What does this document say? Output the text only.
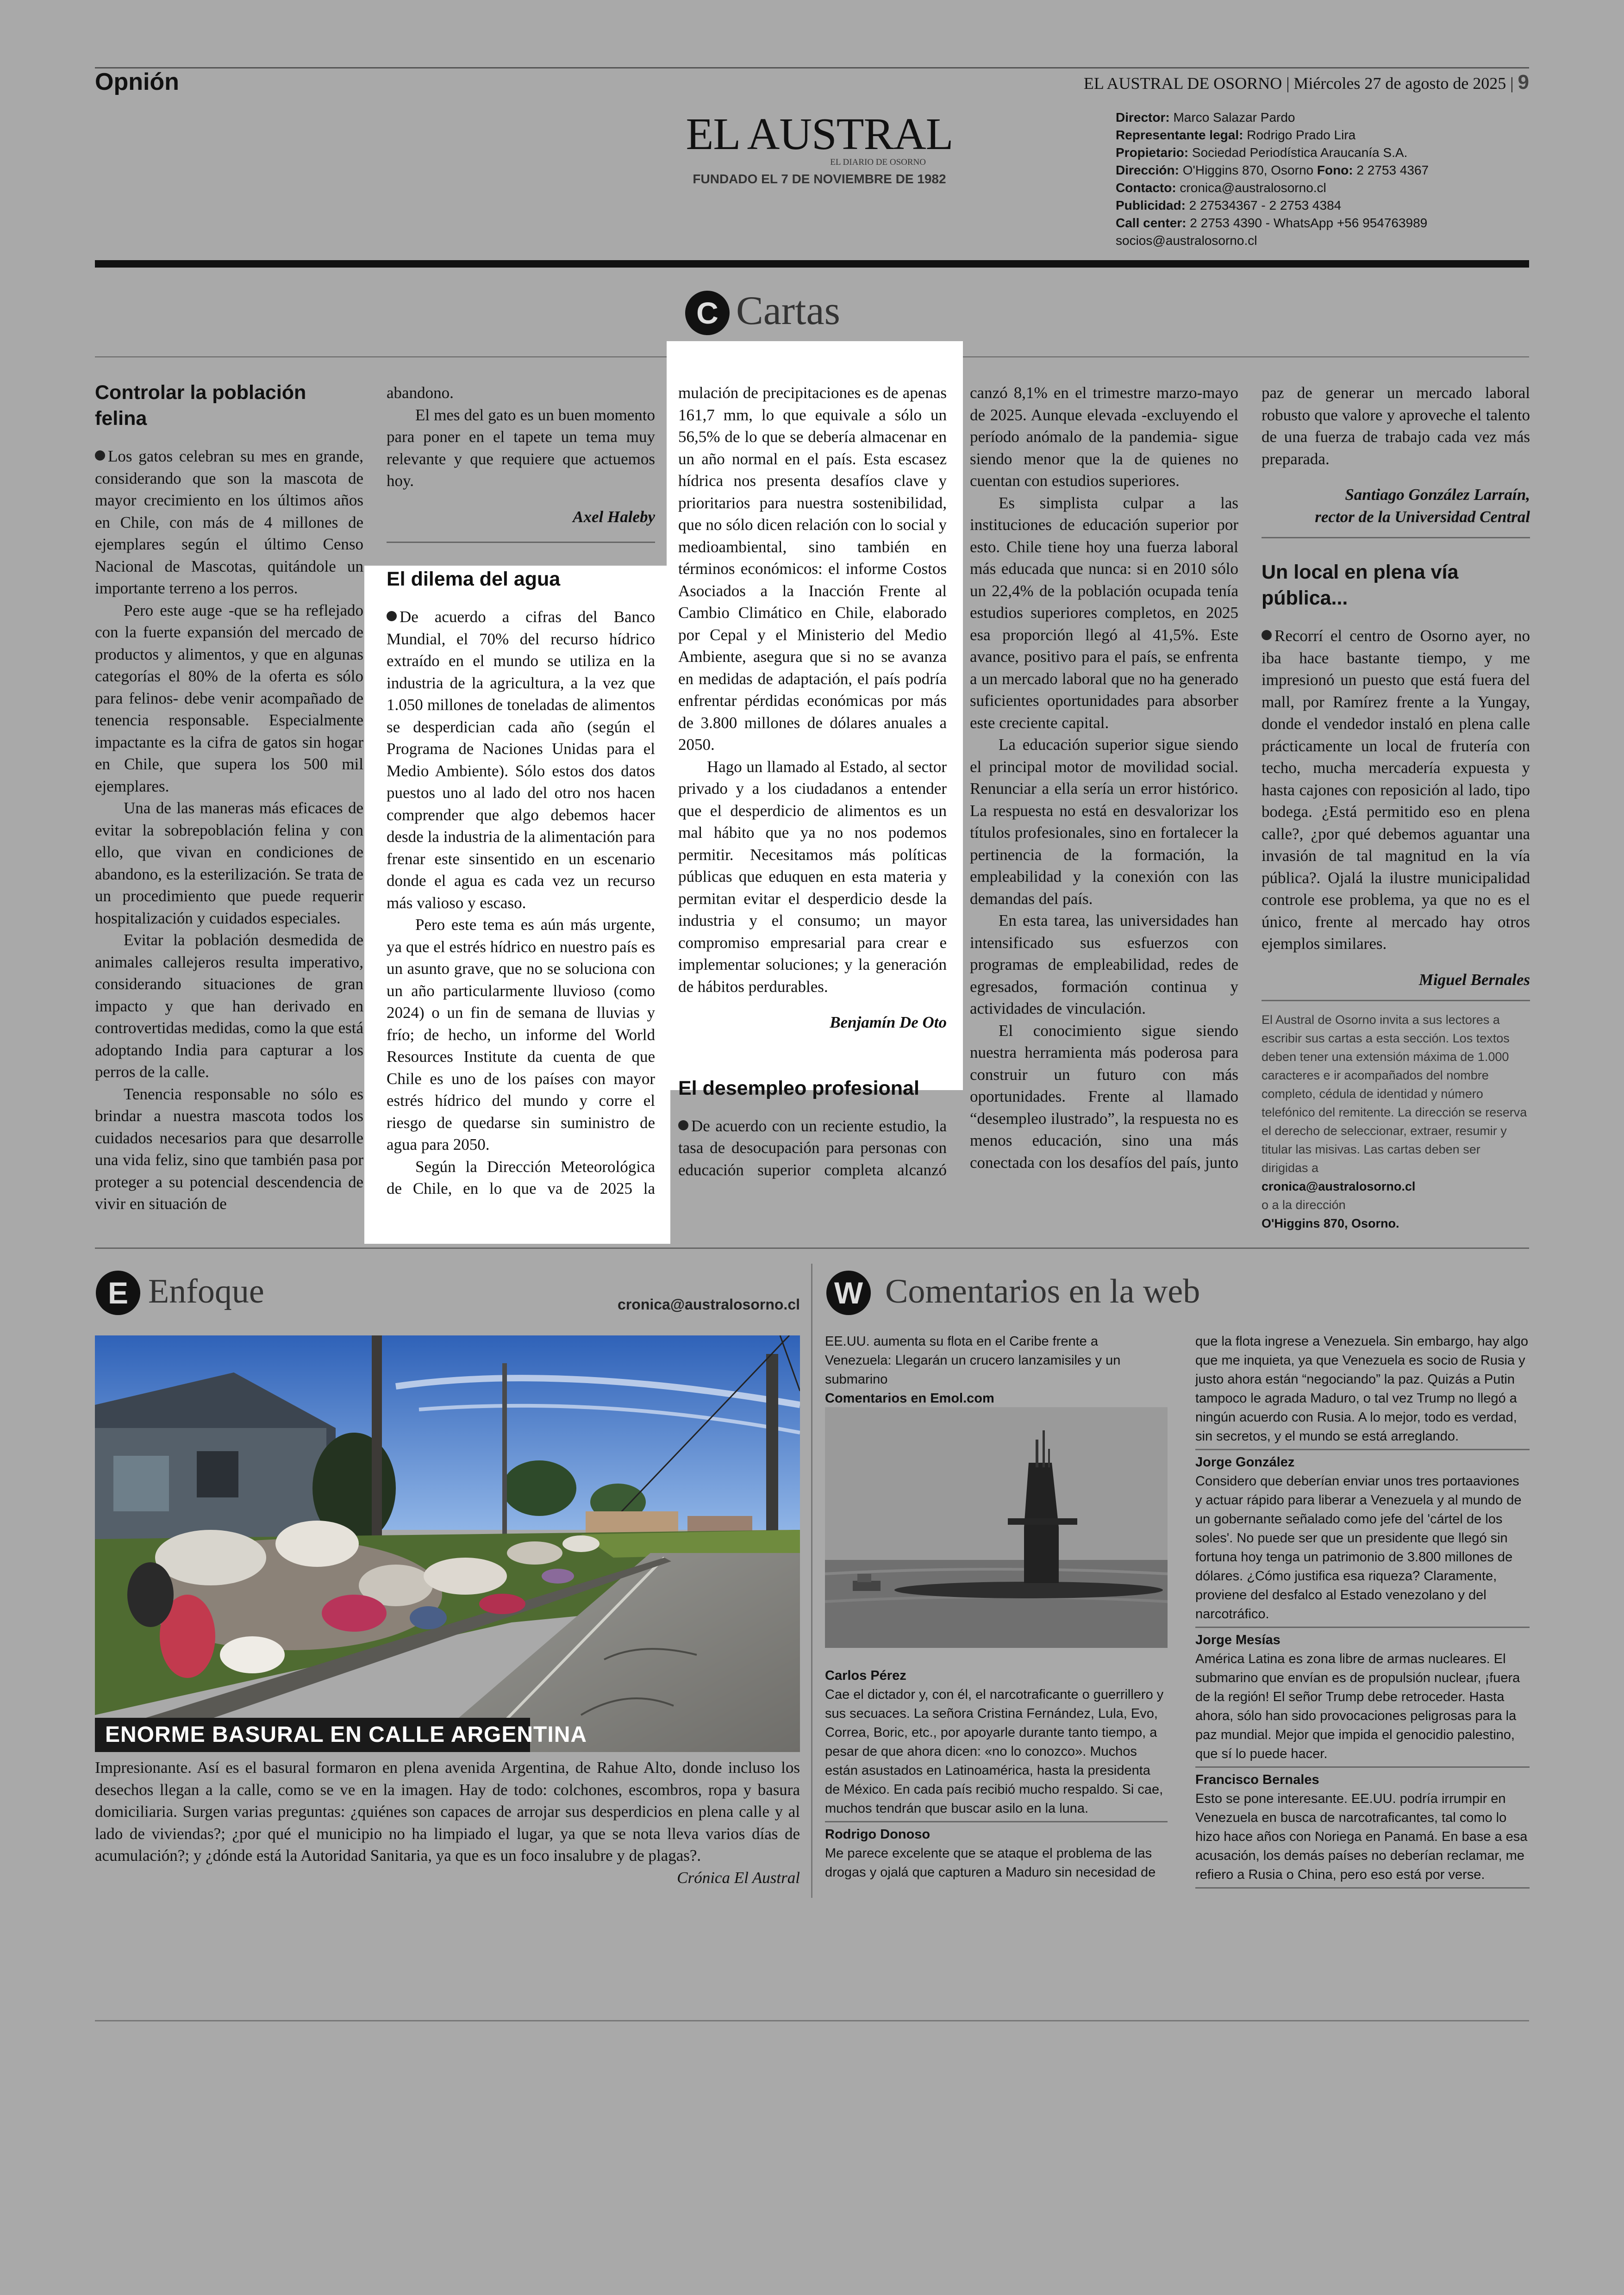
Opnión	EL AUSTRAL DE OSORNO | Miércoles 27 de agosto de 2025 | 9
EL AUSTRAL
EL DIARIO DE OSORNO
FUNDADO EL 7 DE NOVIEMBRE DE 1982
Director: Marco Salazar Pardo
Representante legal: Rodrigo Prado Lira
Propietario: Sociedad Periodística Araucanía S.A.
Dirección: O'Higgins 870, Osorno Fono: 2 2753 4367
Contacto: cronica@australosorno.cl
Publicidad: 2 27534367 - 2 2753 4384
Call center: 2 2753 4390 - WhatsApp +56 954763989
socios@australosorno.cl
C Cartas
Controlar la población felina

Los gatos celebran su mes en grande, considerando que son la mascota de mayor crecimiento en los últimos años en Chile, con más de 4 millones de ejemplares según el último Censo Nacional de Mascotas, quitándole un importante terreno a los perros.

Pero este auge -que se ha reflejado con la fuerte expansión del mercado de productos y alimentos, y que en algunas categorías el 80% de la oferta es sólo para felinos- debe venir acompañado de tenencia responsable. Especialmente impactante es la cifra de gatos sin hogar en Chile, que supera los 500 mil ejemplares.

Una de las maneras más eficaces de evitar la sobrepoblación felina y con ello, que vivan en condiciones de abandono, es la esterilización. Se trata de un procedimiento que puede requerir hospitalización y cuidados especiales.

Evitar la población desmedida de animales callejeros resulta imperativo, considerando situaciones de gran impacto y que han derivado en controvertidas medidas, como la que está adoptando India para capturar a los perros de la calle.

Tenencia responsable no sólo es brindar a nuestra mascota todos los cuidados necesarios para que desarrolle una vida feliz, sino que también pasa por proteger a su potencial descendencia de vivir en situación de

abandono.

El mes del gato es un buen momento para poner en el tapete un tema muy relevante y que requiere que actuemos hoy.

Axel Haleby

El dilema del agua

De acuerdo a cifras del Banco Mundial, el 70% del recurso hídrico extraído en el mundo se utiliza en la industria de la agricultura, a la vez que 1.050 millones de toneladas de alimentos se desperdician cada año (según el Programa de Naciones Unidas para el Medio Ambiente). Sólo estos dos datos puestos uno al lado del otro nos hacen comprender que algo debemos hacer desde la industria de la alimentación para frenar este sinsentido en un escenario donde el agua es cada vez un recurso más valioso y escaso.

Pero este tema es aún más urgente, ya que el estrés hídrico en nuestro país es un asunto grave, que no se soluciona con un año particularmente lluvioso (como 2024) o un fin de semana de lluvias y frío; de hecho, un informe del World Resources Institute da cuenta de que Chile es uno de los países con mayor estrés hídrico del mundo y corre el riesgo de quedarse sin suministro de agua para 2050.

Según la Dirección Meteorológica de Chile, en lo que va de 2025 la

mulación de precipitaciones es de apenas 161,7 mm, lo que equivale a sólo un 56,5% de lo que se debería almacenar en un año normal en el país. Esta escasez hídrica nos presenta desafíos clave y prioritarios para nuestra sostenibilidad, que no sólo dicen relación con lo social y medioambiental, sino también en términos económicos: el informe Costos Asociados a la Inacción Frente al Cambio Climático en Chile, elaborado por Cepal y el Ministerio del Medio Ambiente, asegura que si no se avanza en medidas de adaptación, el país podría enfrentar pérdidas económicas por más de 3.800 millones de dólares anuales a 2050.

Hago un llamado al Estado, al sector privado y a los ciudadanos a entender que el desperdicio de alimentos es un mal hábito que ya no nos podemos permitir. Necesitamos más políticas públicas que eduquen en esta materia y permitan evitar el desperdicio desde la industria y el consumo; un mayor compromiso empresarial para crear e implementar soluciones; y la generación de hábitos perdurables.

Benjamín De Oto

El desempleo profesional

De acuerdo con un reciente estudio, la tasa de desocupación para personas con educación superior completa alcanzó

canzó 8,1% en el trimestre marzo-mayo de 2025. Aunque elevada -excluyendo el período anómalo de la pandemia- sigue siendo menor que la de quienes no cuentan con estudios superiores.

Es simplista culpar a las instituciones de educación superior por esto. Chile tiene hoy una fuerza laboral más educada que nunca: si en 2010 sólo un 22,4% de la población ocupada tenía estudios superiores completos, en 2025 esa proporción llegó al 41,5%. Este avance, positivo para el país, se enfrenta a un mercado laboral que no ha generado suficientes oportunidades para absorber este creciente capital.

La educación superior sigue siendo el principal motor de movilidad social. Renunciar a ella sería un error histórico. La respuesta no está en desvalorizar los títulos profesionales, sino en fortalecer la pertinencia de la formación, la empleabilidad y la conexión con las demandas del país.

En esta tarea, las universidades han intensificado sus esfuerzos con programas de empleabilidad, redes de egresados, formación continua y actividades de vinculación.

El conocimiento sigue siendo nuestra herramienta más poderosa para construir un futuro con más oportunidades. Frente al llamado “desempleo ilustrado”, la respuesta no es menos educación, sino una más conectada con los desafíos del país, junto

paz de generar un mercado laboral robusto que valore y aproveche el talento de una fuerza de trabajo cada vez más preparada.

Santiago González Larraín,

rector de la Universidad Central

Un local en plena vía pública...

Recorrí el centro de Osorno ayer, no iba hace bastante tiempo, y me impresionó un puesto que está fuera del mall, por Ramírez frente a la Yungay, donde el vendedor instaló en plena calle prácticamente un local de frutería con techo, mucha mercadería expuesta y hasta cajones con reposición al lado, tipo bodega. ¿Está permitido eso en plena calle?, ¿por qué debemos aguantar una invasión de tal magnitud en la vía pública?. Ojalá la ilustre municipalidad controle ese problema, ya que no es el único, frente al mercado hay otros ejemplos similares.

Miguel Bernales

El Austral de Osorno invita a sus lectores a escribir sus cartas a esta sección. Los textos deben tener una extensión máxima de 1.000 caracteres e ir acompañados del nombre completo, cédula de identidad y número telefónico del remitente. La dirección se reserva el derecho de seleccionar, extraer, resumir y titular las misivas. Las cartas deben ser dirigidas a
cronica@australosorno.cl
o a la dirección
O'Higgins 870, Osorno.
E Enfoque	cronica@australosorno.cl
ENORME BASURAL EN CALLE ARGENTINA

Impresionante. Así es el basural formaron en plena avenida Argentina, de Rahue Alto, donde incluso los desechos llegan a la calle, como se ve en la imagen. Hay de todo: colchones, escombros, ropa y basura domiciliaria. Surgen varias preguntas: ¿quiénes son capaces de arrojar sus desperdicios en plena calle y al lado de viviendas?; ¿por qué el municipio no ha limpiado el lugar, ya que se nota lleva varios días de acumulación?; y ¿dónde está la Autoridad Sanitaria, ya que es un foco insalubre y de plagas?.

Crónica El Austral

W Comentarios en la web

EE.UU. aumenta su flota en el Caribe frente a Venezuela: Llegarán un crucero lanzamisiles y un submarino

Comentarios en Emol.com

Carlos Pérez

Cae el dictador y, con él, el narcotraficante o guerrillero y sus secuaces. La señora Cristina Fernández, Lula, Evo, Correa, Boric, etc., por apoyarle durante tanto tiempo, a pesar de que ahora dicen: «no lo conozco». Muchos están asustados en Latinoamérica, hasta la presidenta de México. En cada país recibió mucho respaldo. Si cae, muchos tendrán que buscar asilo en la luna.

Rodrigo Donoso

Me parece excelente que se ataque el problema de las drogas y ojalá que capturen a Maduro sin necesidad de

que la flota ingrese a Venezuela. Sin embargo, hay algo que me inquieta, ya que Venezuela es socio de Rusia y justo ahora están “negociando” la paz. Quizás a Putin tampoco le agrada Maduro, o tal vez Trump no llegó a ningún acuerdo con Rusia. A lo mejor, todo es verdad, sin secretos, y el mundo se está arreglando.

Jorge González

Considero que deberían enviar unos tres portaaviones y actuar rápido para liberar a Venezuela y al mundo de un gobernante señalado como jefe del 'cártel de los soles'. No puede ser que un presidente que llegó sin fortuna hoy tenga un patrimonio de 3.800 millones de dólares. ¿Cómo justifica esa riqueza? Claramente, proviene del desfalco al Estado venezolano y del narcotráfico.

Jorge Mesías

América Latina es zona libre de armas nucleares. El submarino que envían es de propulsión nuclear, ¡fuera de la región! El señor Trump debe retroceder. Hasta ahora, sólo han sido provocaciones peligrosas para la paz mundial. Mejor que impida el genocidio palestino, que sí lo puede hacer.

Francisco Bernales

Esto se pone interesante. EE.UU. podría irrumpir en Venezuela en busca de narcotraficantes, tal como lo hizo hace años con Noriega en Panamá. En base a esa acusación, los demás países no deberían reclamar, me refiero a Rusia o China, pero eso está por verse.
